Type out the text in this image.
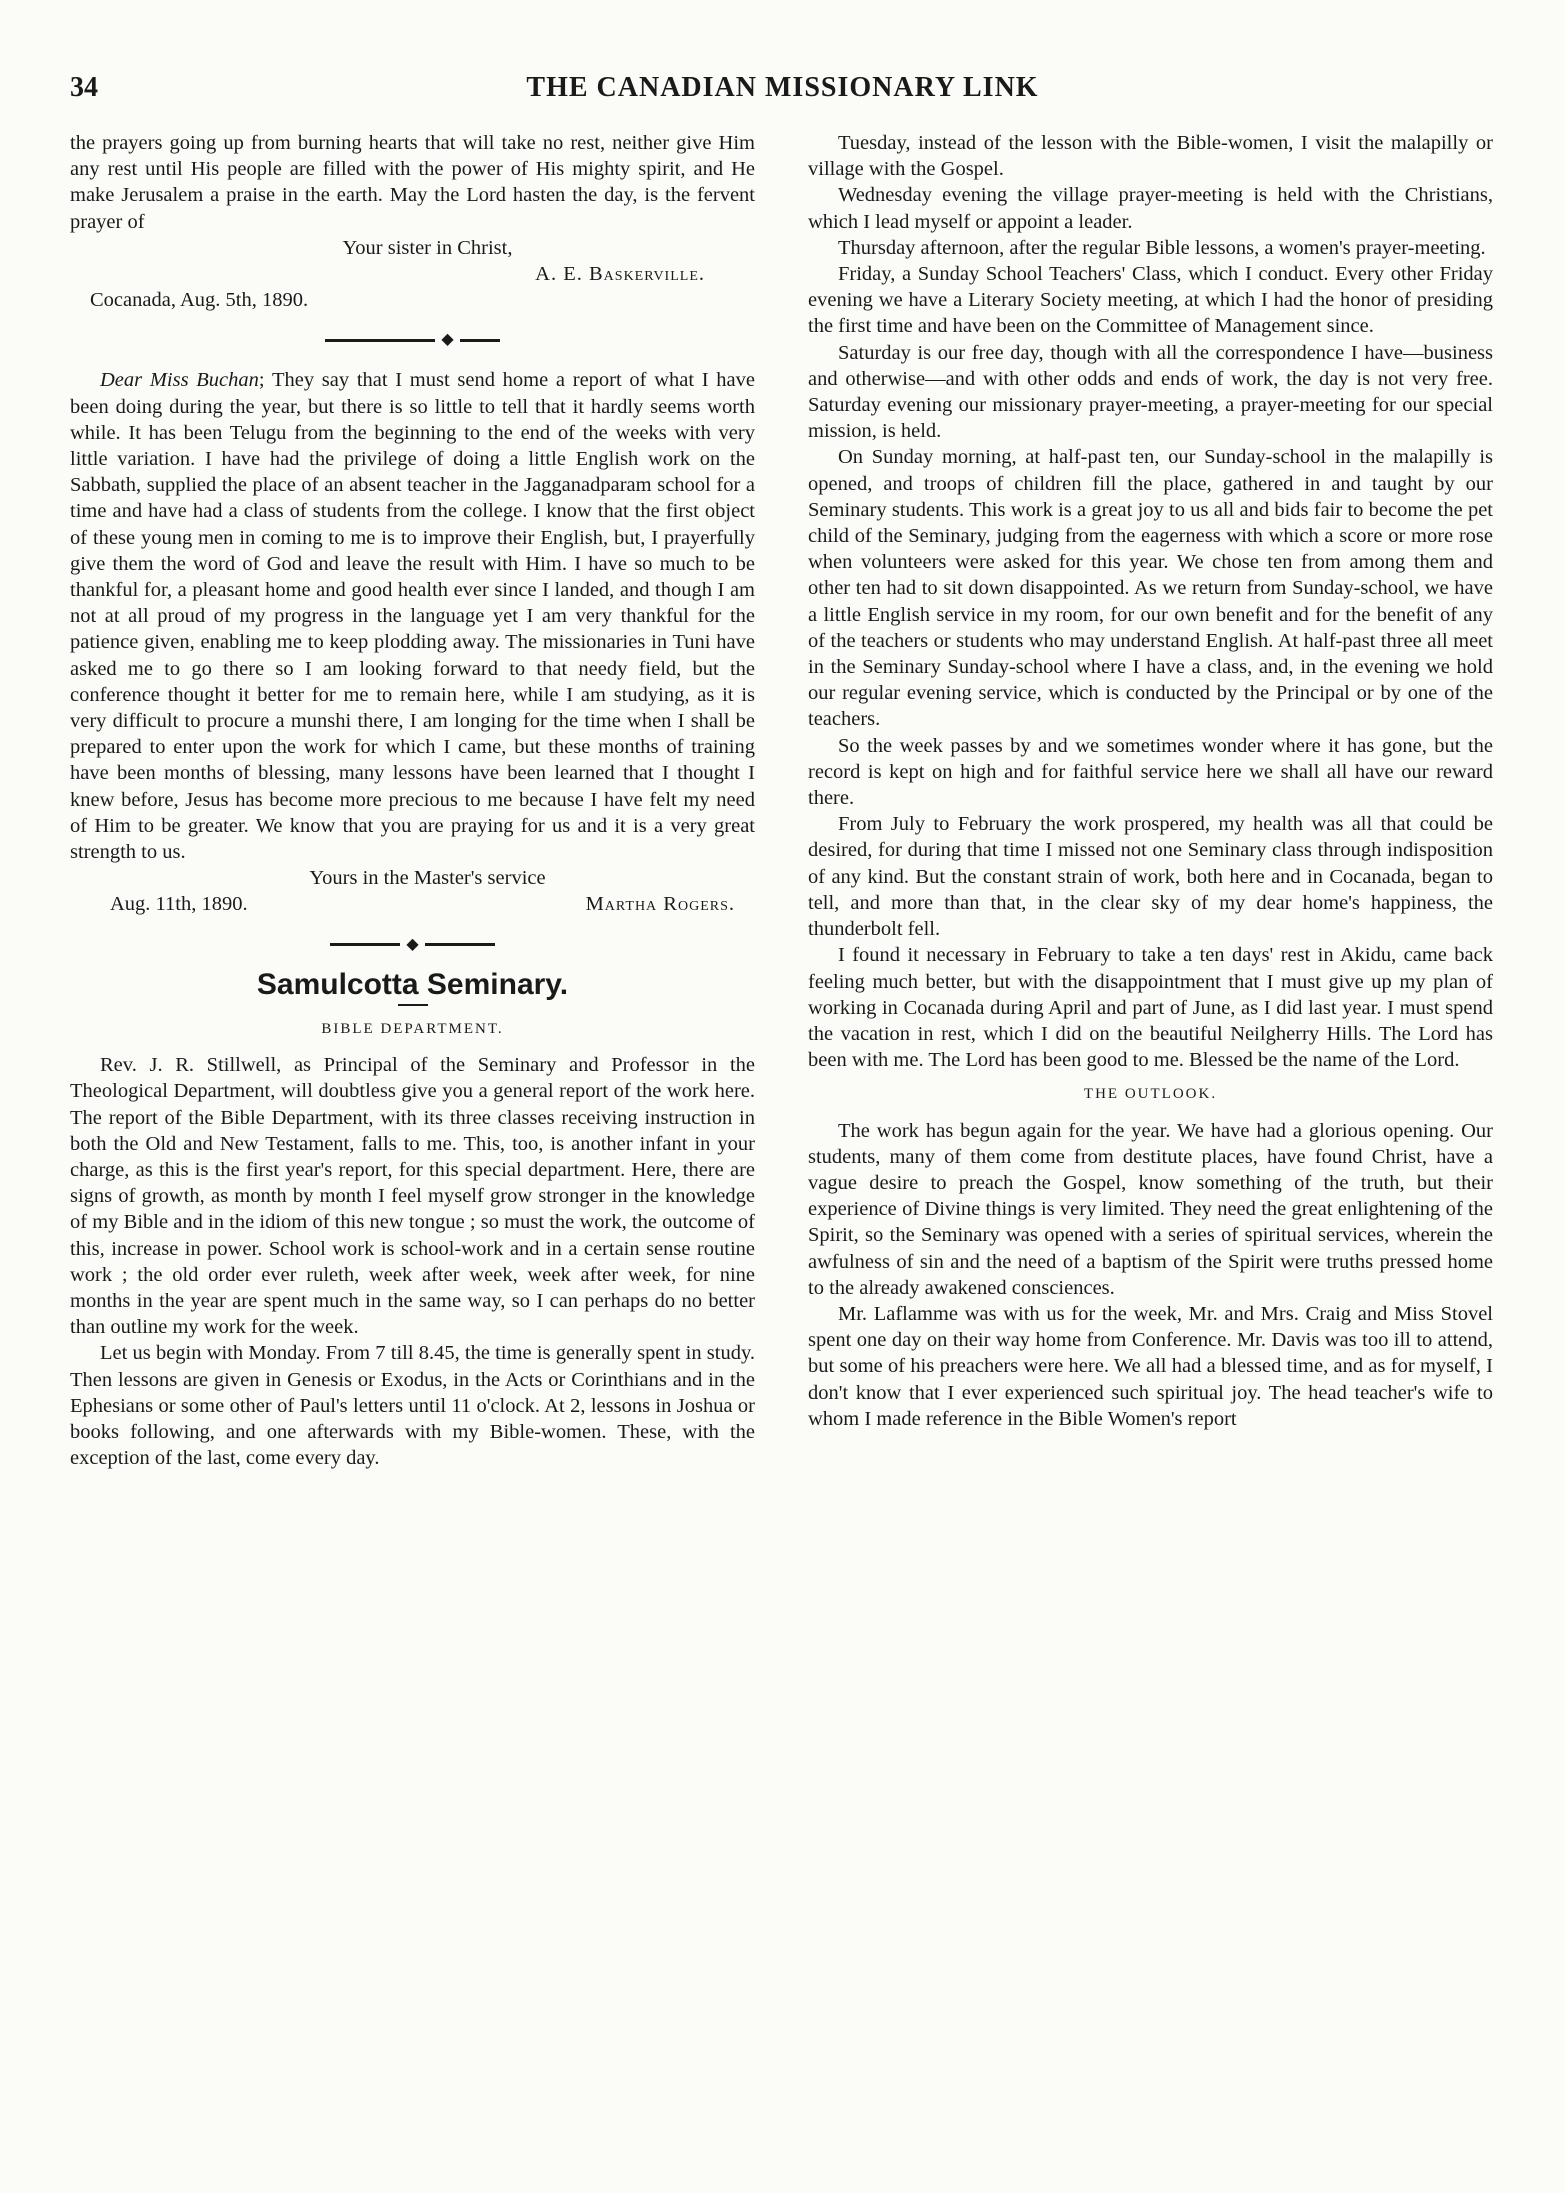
34	THE CANADIAN MISSIONARY LINK

the prayers going up from burning hearts that will take no rest, neither give Him any rest until His people are filled with the power of His mighty spirit, and He make Jerusalem a praise in the earth. May the Lord hasten the day, is the fervent prayer of

Your sister in Christ,

A. E. Baskerville.

Cocanada, Aug. 5th, 1890.

◆

Dear Miss Buchan; They say that I must send home a report of what I have been doing during the year, but there is so little to tell that it hardly seems worth while. It has been Telugu from the beginning to the end of the weeks with very little variation. I have had the privilege of doing a little English work on the Sabbath, supplied the place of an absent teacher in the Jagganadparam school for a time and have had a class of students from the college. I know that the first object of these young men in coming to me is to improve their English, but, I prayerfully give them the word of God and leave the result with Him. I have so much to be thankful for, a pleasant home and good health ever since I landed, and though I am not at all proud of my progress in the language yet I am very thankful for the patience given, enabling me to keep plodding away. The missionaries in Tuni have asked me to go there so I am looking forward to that needy field, but the conference thought it better for me to remain here, while I am studying, as it is very difficult to procure a munshi there, I am longing for the time when I shall be prepared to enter upon the work for which I came, but these months of training have been months of blessing, many lessons have been learned that I thought I knew before, Jesus has become more precious to me because I have felt my need of Him to be greater. We know that you are praying for us and it is a very great strength to us.

Yours in the Master's service

Aug. 11th, 1890.	Martha Rogers.

◆
Samulcotta Seminary.
BIBLE DEPARTMENT.

Rev. J. R. Stillwell, as Principal of the Seminary and Professor in the Theological Department, will doubtless give you a general report of the work here. The report of the Bible Department, with its three classes receiving instruction in both the Old and New Testament, falls to me. This, too, is another infant in your charge, as this is the first year's report, for this special department. Here, there are signs of growth, as month by month I feel myself grow stronger in the knowledge of my Bible and in the idiom of this new tongue ; so must the work, the outcome of this, increase in power. School work is school-work and in a certain sense routine work ; the old order ever ruleth, week after week, week after week, for nine months in the year are spent much in the same way, so I can perhaps do no better than outline my work for the week.

Let us begin with Monday. From 7 till 8.45, the time is generally spent in study. Then lessons are given in Genesis or Exodus, in the Acts or Corinthians and in the Ephesians or some other of Paul's letters until 11 o'clock. At 2, lessons in Joshua or books following, and one afterwards with my Bible-women. These, with the exception of the last, come every day.

Tuesday, instead of the lesson with the Bible-women, I visit the malapilly or village with the Gospel.

Wednesday evening the village prayer-meeting is held with the Christians, which I lead myself or appoint a leader.

Thursday afternoon, after the regular Bible lessons, a women's prayer-meeting.

Friday, a Sunday School Teachers' Class, which I conduct. Every other Friday evening we have a Literary Society meeting, at which I had the honor of presiding the first time and have been on the Committee of Management since.

Saturday is our free day, though with all the correspondence I have—business and otherwise—and with other odds and ends of work, the day is not very free. Saturday evening our missionary prayer-meeting, a prayer-meeting for our special mission, is held.

On Sunday morning, at half-past ten, our Sunday-school in the malapilly is opened, and troops of children fill the place, gathered in and taught by our Seminary students. This work is a great joy to us all and bids fair to become the pet child of the Seminary, judging from the eagerness with which a score or more rose when volunteers were asked for this year. We chose ten from among them and other ten had to sit down disappointed. As we return from Sunday-school, we have a little English service in my room, for our own benefit and for the benefit of any of the teachers or students who may understand English. At half-past three all meet in the Seminary Sunday-school where I have a class, and, in the evening we hold our regular evening service, which is conducted by the Principal or by one of the teachers.

So the week passes by and we sometimes wonder where it has gone, but the record is kept on high and for faithful service here we shall all have our reward there.

From July to February the work prospered, my health was all that could be desired, for during that time I missed not one Seminary class through indisposition of any kind. But the constant strain of work, both here and in Cocanada, began to tell, and more than that, in the clear sky of my dear home's happiness, the thunderbolt fell.

I found it necessary in February to take a ten days' rest in Akidu, came back feeling much better, but with the disappointment that I must give up my plan of working in Cocanada during April and part of June, as I did last year. I must spend the vacation in rest, which I did on the beautiful Neilgherry Hills. The Lord has been with me. The Lord has been good to me. Blessed be the name of the Lord.

THE OUTLOOK.

The work has begun again for the year. We have had a glorious opening. Our students, many of them come from destitute places, have found Christ, have a vague desire to preach the Gospel, know something of the truth, but their experience of Divine things is very limited. They need the great enlightening of the Spirit, so the Seminary was opened with a series of spiritual services, wherein the awfulness of sin and the need of a baptism of the Spirit were truths pressed home to the already awakened consciences.

Mr. Laflamme was with us for the week, Mr. and Mrs. Craig and Miss Stovel spent one day on their way home from Conference. Mr. Davis was too ill to attend, but some of his preachers were here. We all had a blessed time, and as for myself, I don't know that I ever experienced such spiritual joy. The head teacher's wife to whom I made reference in the Bible Women's report
